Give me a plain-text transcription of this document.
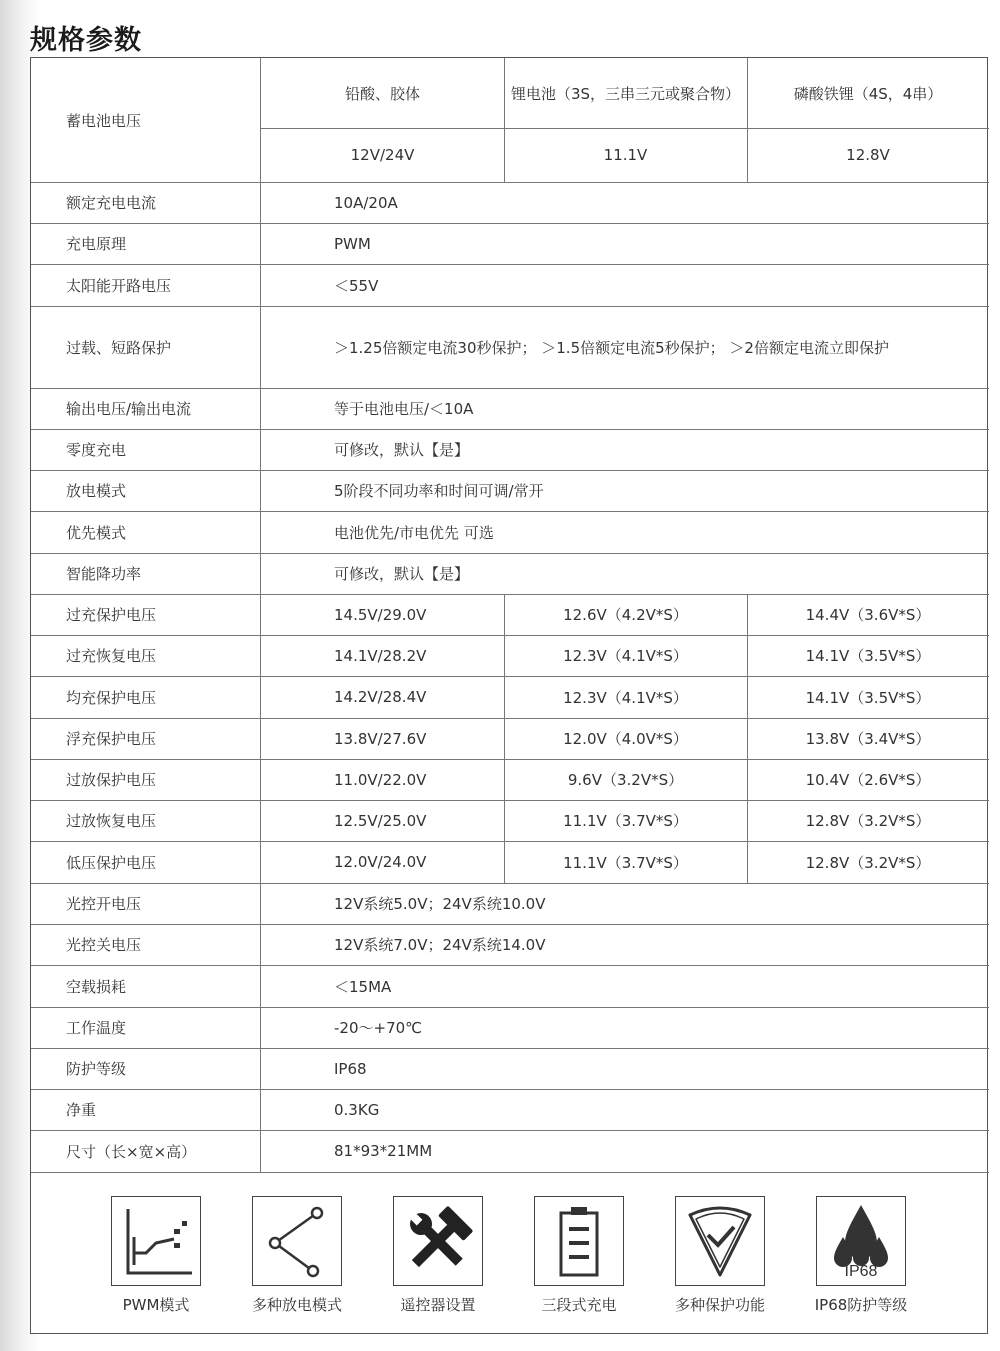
规格参数
蓄电池电压
铅酸、胶体	锂电池（3S，三串三元或聚合物）	磷酸铁锂（4S，4串）
12V/24V	11.1V	12.8V
额定充电电流	10A/20A
充电原理	PWM
太阳能开路电压	＜55V
过载、短路保护	＞1.25倍额定电流30秒保护； ＞1.5倍额定电流5秒保护； ＞2倍额定电流立即保护
输出电压/输出电流	等于电池电压/＜10A
零度充电	可修改，默认【是】
放电模式	5阶段不同功率和时间可调/常开
优先模式	电池优先/市电优先 可选
智能降功率	可修改，默认【是】
过充保护电压	14.5V/29.0V	12.6V（4.2V*S）	14.4V（3.6V*S）
过充恢复电压	14.1V/28.2V	12.3V（4.1V*S）	14.1V（3.5V*S）
均充保护电压	14.2V/28.4V	12.3V（4.1V*S）	14.1V（3.5V*S）
浮充保护电压	13.8V/27.6V	12.0V（4.0V*S）	13.8V（3.4V*S）
过放保护电压	11.0V/22.0V	9.6V（3.2V*S）	10.4V（2.6V*S）
过放恢复电压	12.5V/25.0V	11.1V（3.7V*S）	12.8V（3.2V*S）
低压保护电压	12.0V/24.0V	11.1V（3.7V*S）	12.8V（3.2V*S）
光控开电压	12V系统5.0V；24V系统10.0V
光控关电压	12V系统7.0V；24V系统14.0V
空载损耗	＜15MA
工作温度	-20～+70℃
防护等级	IP68
净重	0.3KG
尺寸（长×宽×高）	81*93*21MM
PWM模式	多种放电模式	遥控器设置	三段式充电	多种保护功能
IP68
IP68防护等级
